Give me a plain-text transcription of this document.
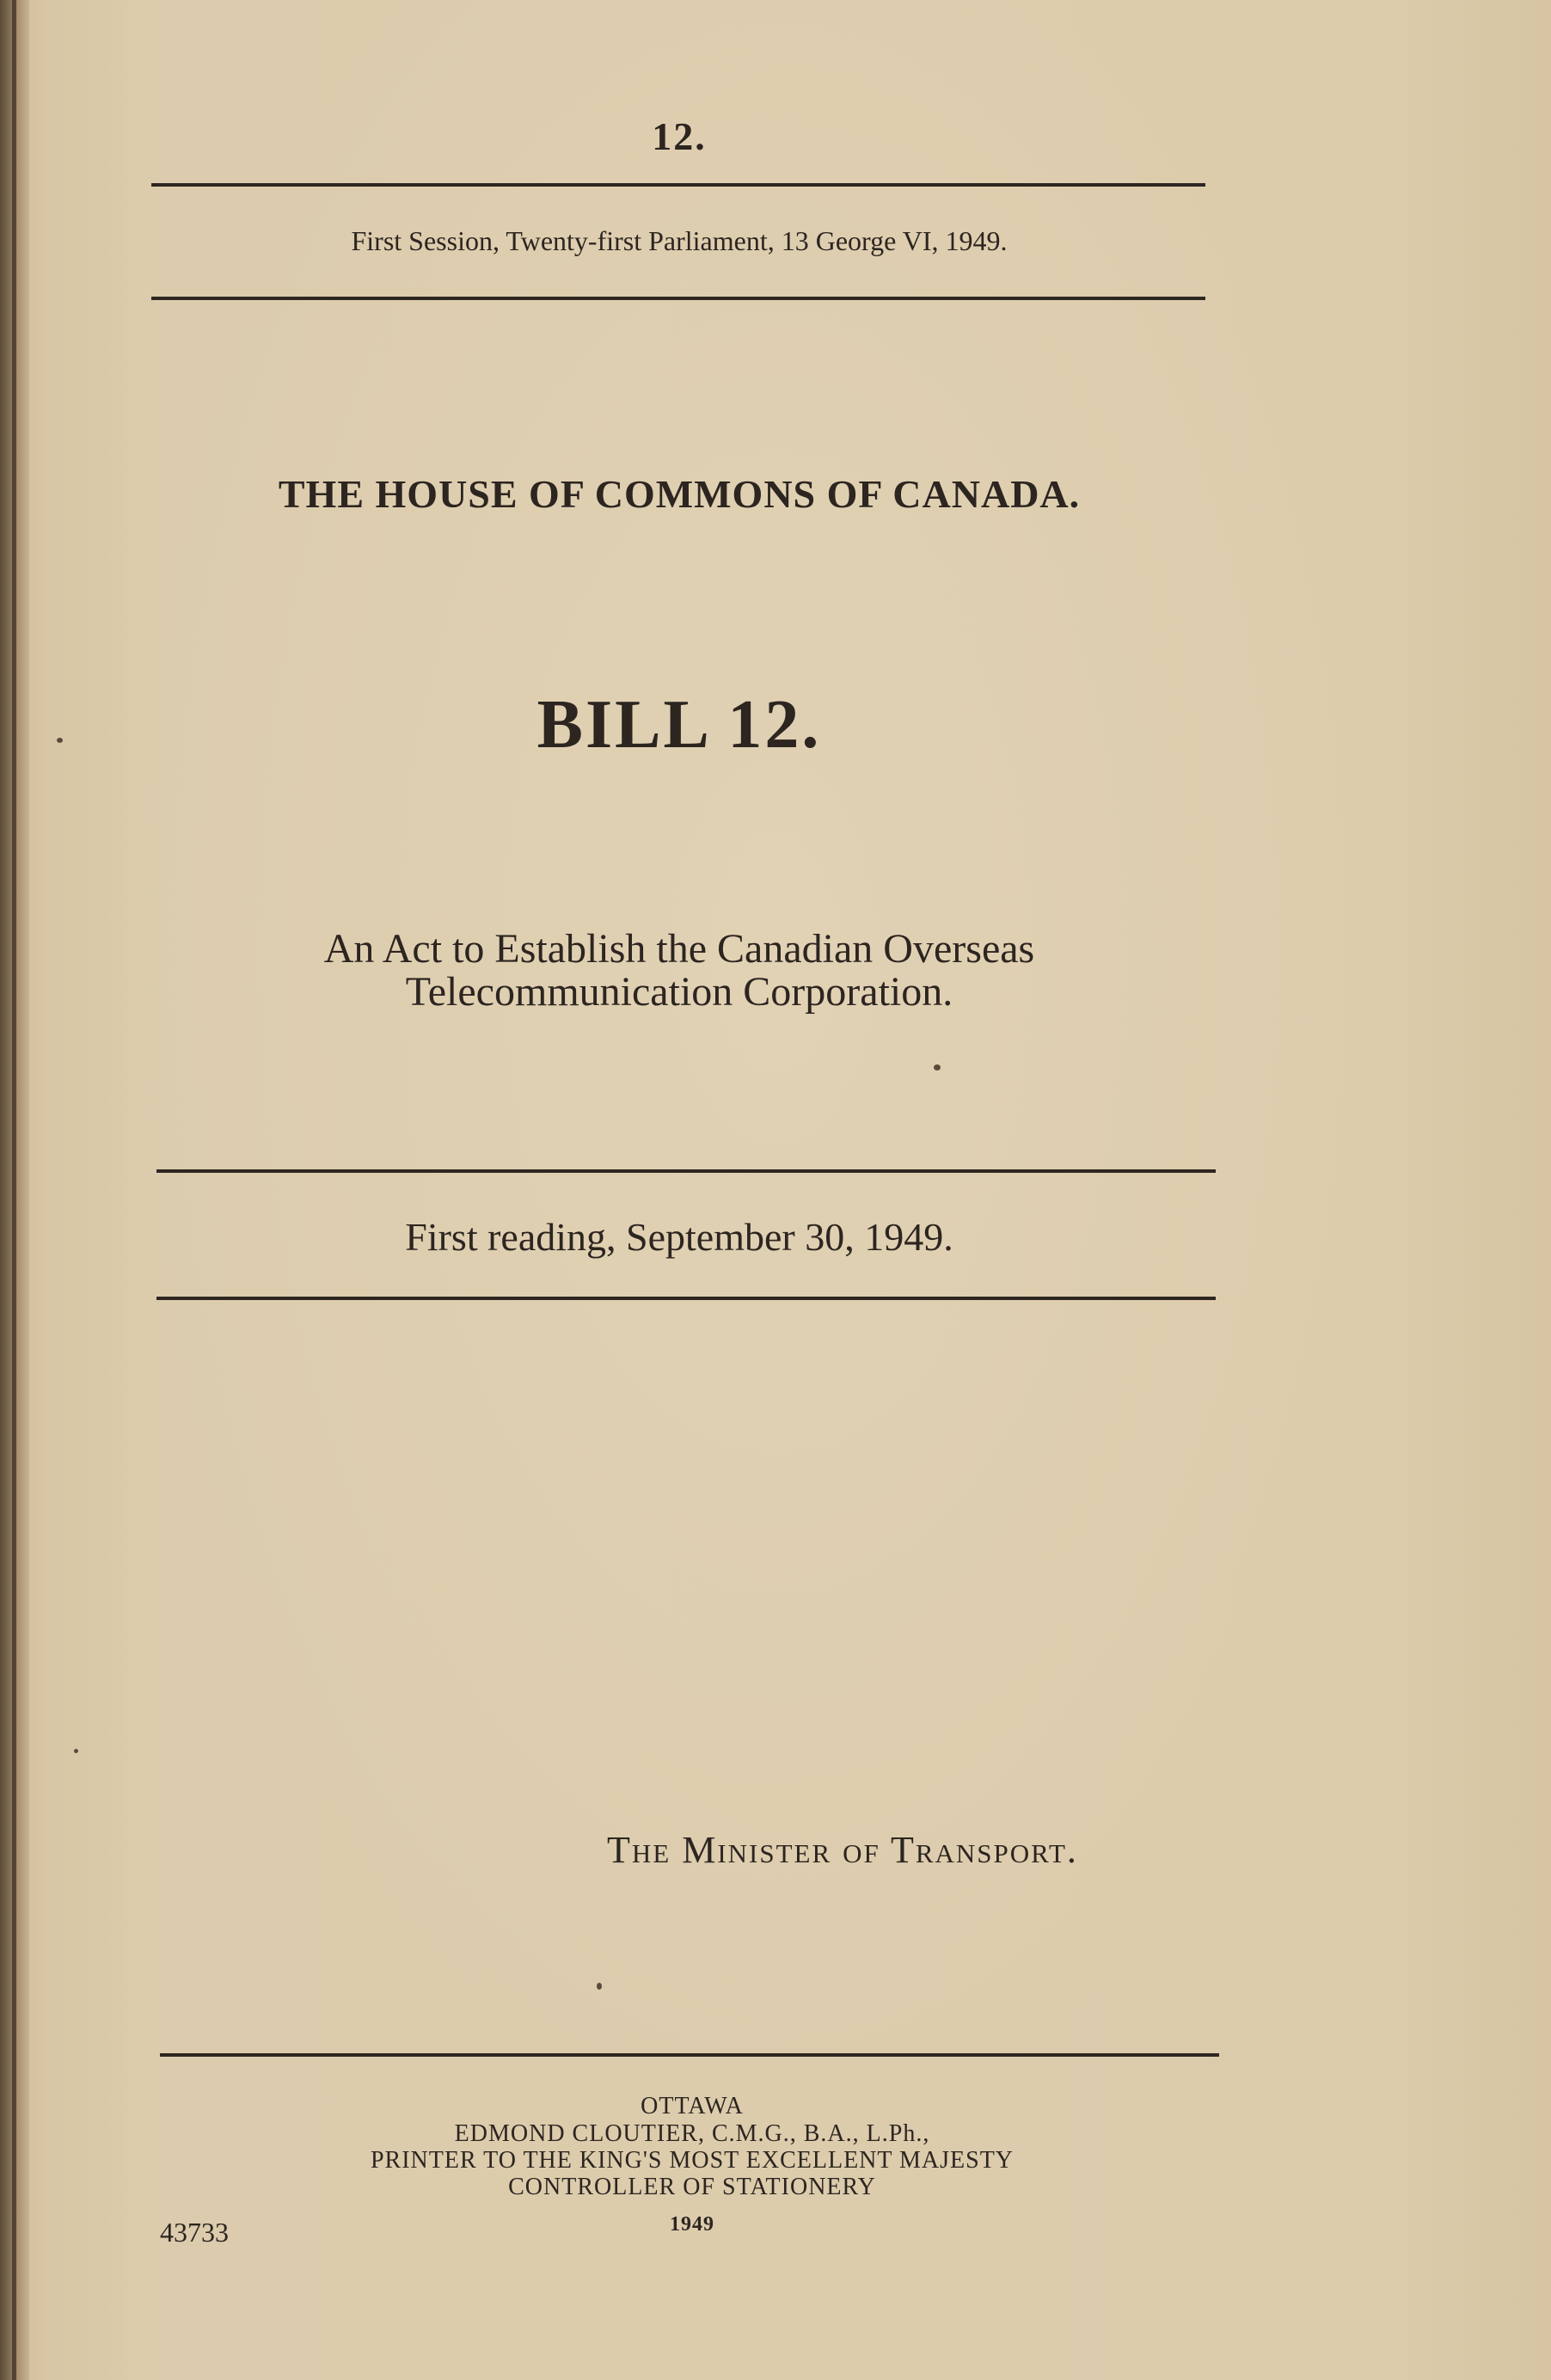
12.
First Session, Twenty-first Parliament, 13 George VI, 1949.
THE HOUSE OF COMMONS OF CANADA.
BILL 12.
An Act to Establish the Canadian Overseas
Telecommunication Corporation.
First reading, September 30, 1949.
The Minister of Transport.
OTTAWA
EDMOND CLOUTIER, C.M.G., B.A., L.Ph.,
PRINTER TO THE KING'S MOST EXCELLENT MAJESTY
CONTROLLER OF STATIONERY
1949
43733
